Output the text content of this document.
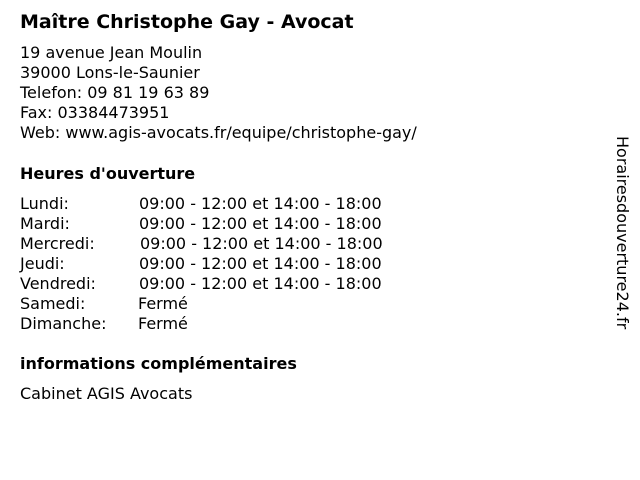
Maître Christophe Gay - Avocat
19 avenue Jean Moulin
39000 Lons-le-Saunier
Telefon: 09 81 19 63 89
Fax: 03384473951
Web: www.agis-avocats.fr/equipe/christophe-gay/
Heures d'ouverture
Lundi:	09:00 - 12:00 et 14:00 - 18:00
Mardi:	09:00 - 12:00 et 14:00 - 18:00
Mercredi:	09:00 - 12:00 et 14:00 - 18:00
Jeudi:	09:00 - 12:00 et 14:00 - 18:00
Vendredi:	09:00 - 12:00 et 14:00 - 18:00
Samedi:	Fermé
Dimanche: Fermé
informations complémentaires
Cabinet AGIS Avocats
Horairesdouverture24.fr
